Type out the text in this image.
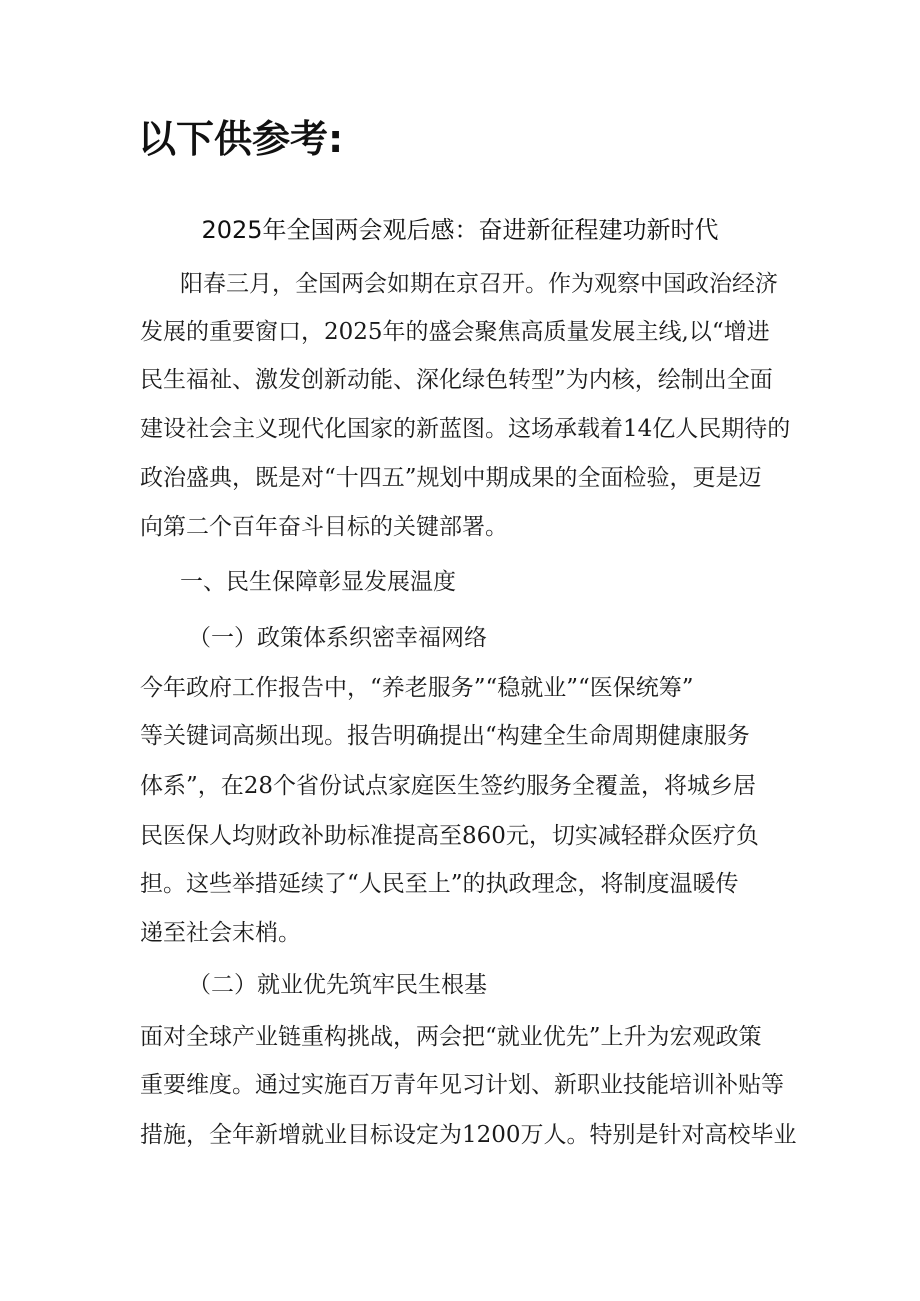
以下供参考:
2025年全国两会观后感：奋进新征程建功新时代
阳春三月，全国两会如期在京召开。作为观察中国政治经济
发展的重要窗口，2025年的盛会聚焦高质量发展主线,以“增进
民生福祉、激发创新动能、深化绿色转型”为内核，绘制出全面
建设社会主义现代化国家的新蓝图。这场承载着14亿人民期待的
政治盛典，既是对“十四五”规划中期成果的全面检验，更是迈
向第二个百年奋斗目标的关键部署。
一、民生保障彰显发展温度
（一）政策体系织密幸福网络
今年政府工作报告中，“养老服务”“稳就业”“医保统筹”
等关键词高频出现。报告明确提出“构建全生命周期健康服务
体系”，在28个省份试点家庭医生签约服务全覆盖，将城乡居
民医保人均财政补助标准提高至860元，切实减轻群众医疗负
担。这些举措延续了“人民至上”的执政理念，将制度温暖传
递至社会末梢。
（二）就业优先筑牢民生根基
面对全球产业链重构挑战，两会把“就业优先”上升为宏观政策
重要维度。通过实施百万青年见习计划、新职业技能培训补贴等
措施，全年新增就业目标设定为1200万人。特别是针对高校毕业
